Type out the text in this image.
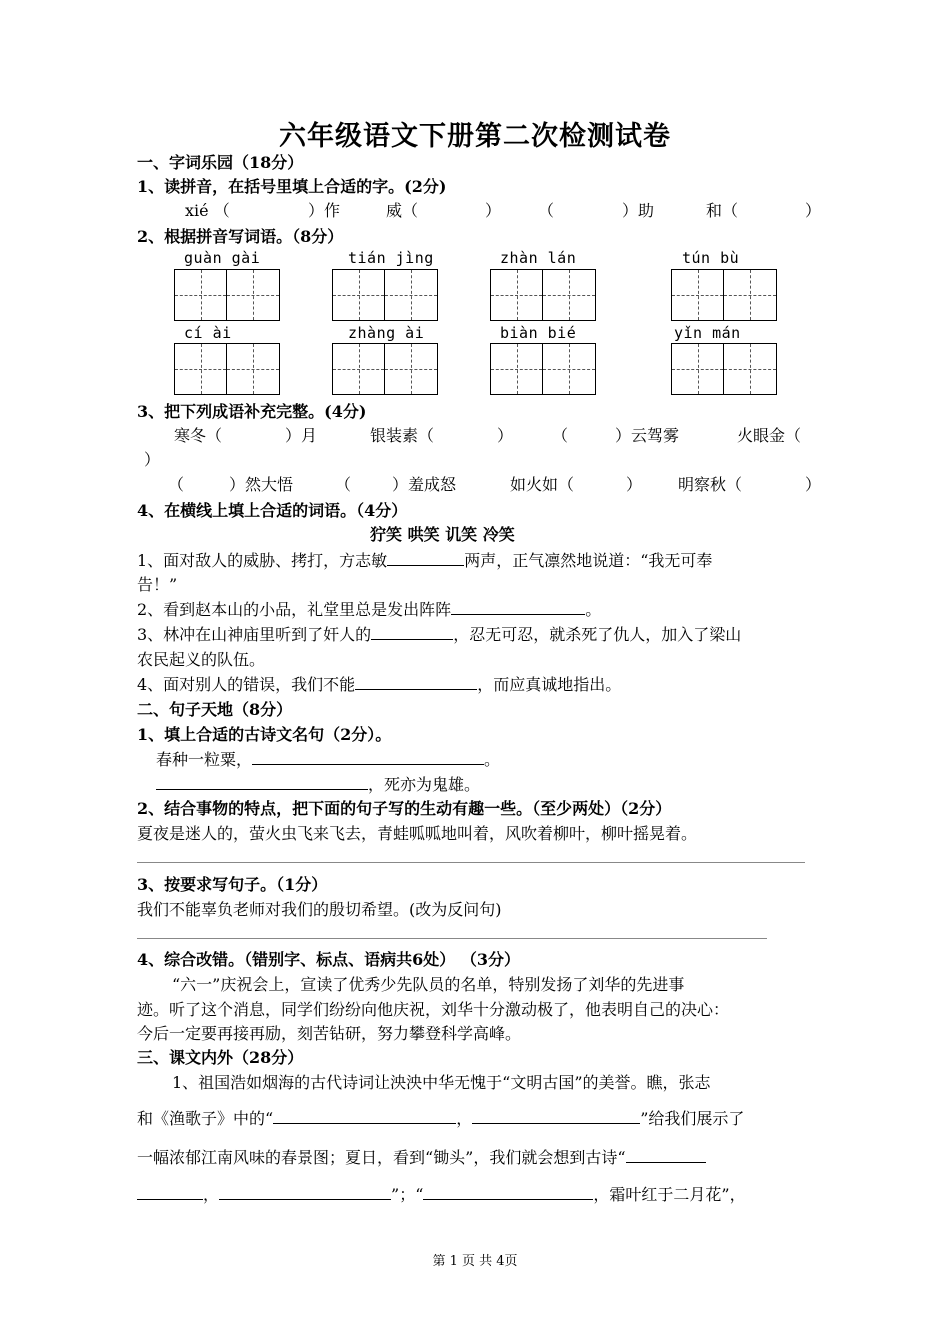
六年级语文下册第二次检测试卷
一、字词乐园（18分）
1、读拼音，在括号里填上合适的字。(2分)
xié （	）作	威（	） （	）助	和（	）
2、根据拼音写词语。（8分）
guàn gài	tián jìng	zhàn lán	tún bù
cí ài	zhàng ài	biàn bié	yǐn mán
3、把下列成语补充完整。(4分)
寒冬（	）月	银装素（	） （	）云驾雾	火眼金（
）
（	）然大悟	（	）羞成怒	如火如（	） 明察秋（	）
4、在横线上填上合适的词语。（4分）
狞笑 哄笑 讥笑 冷笑
1、面对敌人的威胁、拷打，方志敏	两声，正气凛然地说道：“我无可奉
告！”
2、看到赵本山的小品，礼堂里总是发出阵阵	。
3、林冲在山神庙里听到了奸人的	，忍无可忍，就杀死了仇人，加入了梁山
农民起义的队伍。
4、面对别人的错误，我们不能	，而应真诚地指出。
二、句子天地（8分）
1、填上合适的古诗文名句（2分）。
春种一粒粟，	。
，死亦为鬼雄。
2、结合事物的特点，把下面的句子写的生动有趣一些。（至少两处）（2分）
夏夜是迷人的，萤火虫飞来飞去，青蛙呱呱地叫着，风吹着柳叶，柳叶摇晃着。
3、按要求写句子。（1分）
我们不能辜负老师对我们的殷切希望。(改为反问句)
4、综合改错。（错别字、标点、语病共6处） （3分）
“六一”庆祝会上，宣读了优秀少先队员的名单，特别发扬了刘华的先进事
迹。听了这个消息，同学们纷纷向他庆祝，刘华十分激动极了，他表明自己的决心：
今后一定要再接再励，刻苦钻研，努力攀登科学高峰。
三、课文内外（28分）
1、祖国浩如烟海的古代诗词让泱泱中华无愧于“文明古国”的美誉。瞧，张志
和《渔歌子》中的“	，	”给我们展示了
一幅浓郁江南风味的春景图；夏日，看到“锄头”，我们就会想到古诗“
，	”；“	，霜叶红于二月花”，
第 1 页 共 4页
